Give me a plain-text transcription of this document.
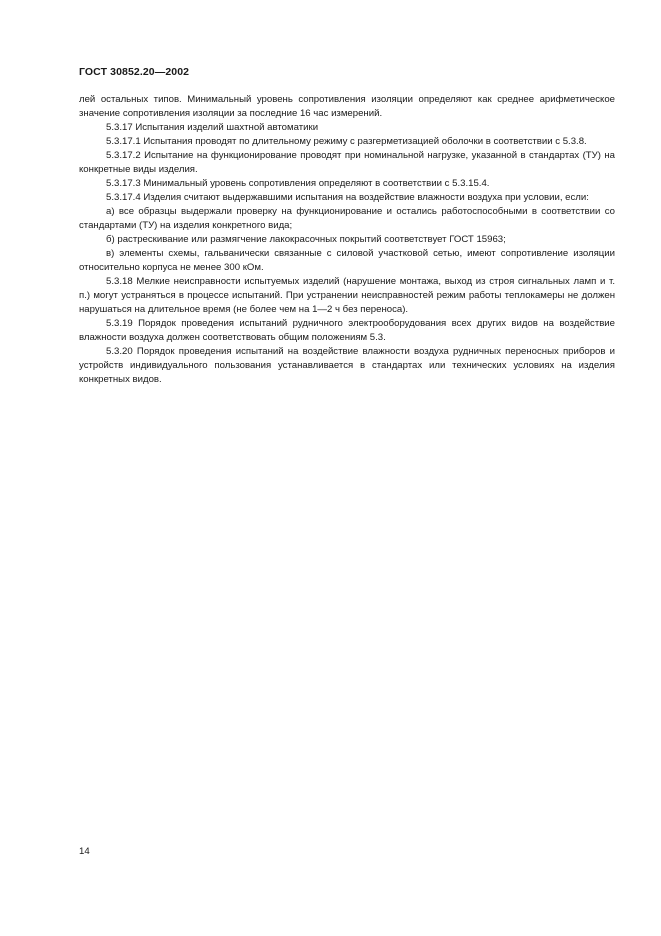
ГОСТ 30852.20—2002

лей остальных типов. Минимальный уровень сопротивления изоляции определяют как среднее арифметическое значение сопротивления изоляции за последние 16 час измерений.

5.3.17 Испытания изделий шахтной автоматики

5.3.17.1 Испытания проводят по длительному режиму с разгерметизацией оболочки в соответствии с 5.3.8.

5.3.17.2 Испытание на функционирование проводят при номинальной нагрузке, указанной в стандартах (ТУ) на конкретные виды изделия.

5.3.17.3 Минимальный уровень сопротивления определяют в соответствии с 5.3.15.4.

5.3.17.4 Изделия считают выдержавшими испытания на воздействие влажности воздуха при условии, если:

а) все образцы выдержали проверку на функционирование и остались работоспособными в соответствии со стандартами (ТУ) на изделия конкретного вида;

б) растрескивание или размягчение лакокрасочных покрытий соответствует ГОСТ 15963;

в) элементы схемы, гальванически связанные с силовой участковой сетью, имеют сопротивление изоляции относительно корпуса не менее 300 кОм.

5.3.18 Мелкие неисправности испытуемых изделий (нарушение монтажа, выход из строя сигнальных ламп и т. п.) могут устраняться в процессе испытаний. При устранении неисправностей режим работы теплокамеры не должен нарушаться на длительное время (не более чем на 1—2 ч без переноса).

5.3.19 Порядок проведения испытаний рудничного электрооборудования всех других видов на воздействие влажности воздуха должен соответствовать общим положениям 5.3.

5.3.20 Порядок проведения испытаний на воздействие влажности воздуха рудничных переносных приборов и устройств индивидуального пользования устанавливается в стандартах или технических условиях на изделия конкретных видов.

14
